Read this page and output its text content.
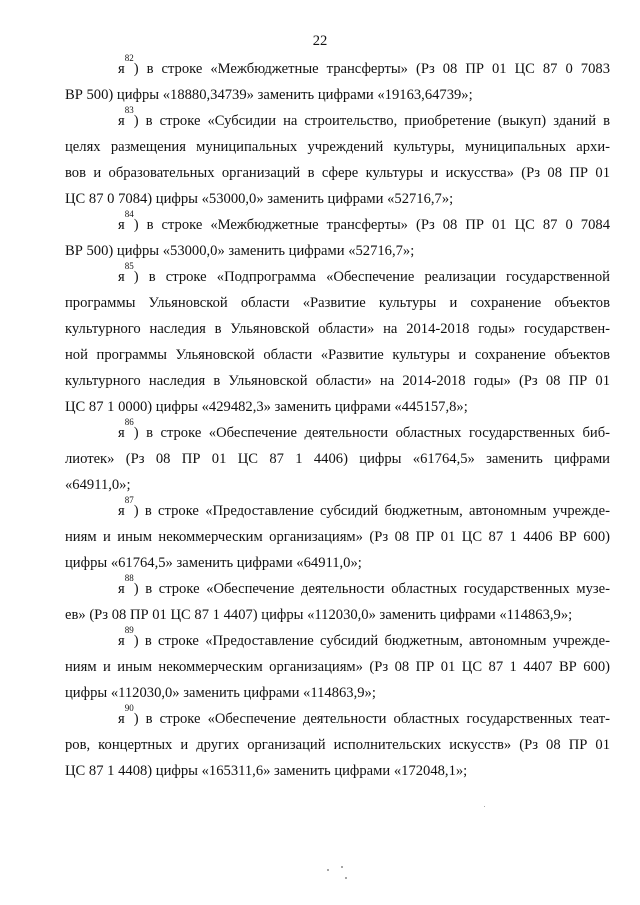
22
$я^{82}$) в строке «Межбюджетные трансферты» (Рз 08 ПР 01 ЦС 87 0 7083
ВР 500) цифры «18880,34739» заменить цифрами «19163,64739»;
$я^{83}$) в строке «Субсидии на строительство, приобретение (выкуп) зданий в
целях размещения муниципальных учреждений культуры, муниципальных архи-
вов и образовательных организаций в сфере культуры и искусства» (Рз 08 ПР 01
ЦС 87 0 7084) цифры «53000,0» заменить цифрами «52716,7»;
$я^{84}$) в строке «Межбюджетные трансферты» (Рз 08 ПР 01 ЦС 87 0 7084
ВР 500) цифры «53000,0» заменить цифрами «52716,7»;
$я^{85}$) в строке «Подпрограмма «Обеспечение реализации государственной
программы Ульяновской области «Развитие культуры и сохранение объектов
культурного наследия в Ульяновской области» на 2014-2018 годы» государствен-
ной программы Ульяновской области «Развитие культуры и сохранение объектов
культурного наследия в Ульяновской области» на 2014-2018 годы» (Рз 08 ПР 01
ЦС 87 1 0000) цифры «429482,3» заменить цифрами «445157,8»;
$я^{86}$) в строке «Обеспечение деятельности областных государственных биб-
лиотек» (Рз 08 ПР 01 ЦС 87 1 4406) цифры «61764,5» заменить цифрами
«64911,0»;
$я^{87}$) в строке «Предоставление субсидий бюджетным, автономным учрежде-
ниям и иным некоммерческим организациям» (Рз 08 ПР 01 ЦС 87 1 4406 ВР 600)
цифры «61764,5» заменить цифрами «64911,0»;
$я^{88}$) в строке «Обеспечение деятельности областных государственных музе-
ев» (Рз 08 ПР 01 ЦС 87 1 4407) цифры «112030,0» заменить цифрами «114863,9»;
$я^{89}$) в строке «Предоставление субсидий бюджетным, автономным учрежде-
ниям и иным некоммерческим организациям» (Рз 08 ПР 01 ЦС 87 1 4407 ВР 600)
цифры «112030,0» заменить цифрами «114863,9»;
$я^{90}$) в строке «Обеспечение деятельности областных государственных теат-
ров, концертных и других организаций исполнительских искусств» (Рз 08 ПР 01
ЦС 87 1 4408) цифры «165311,6» заменить цифрами «172048,1»;
